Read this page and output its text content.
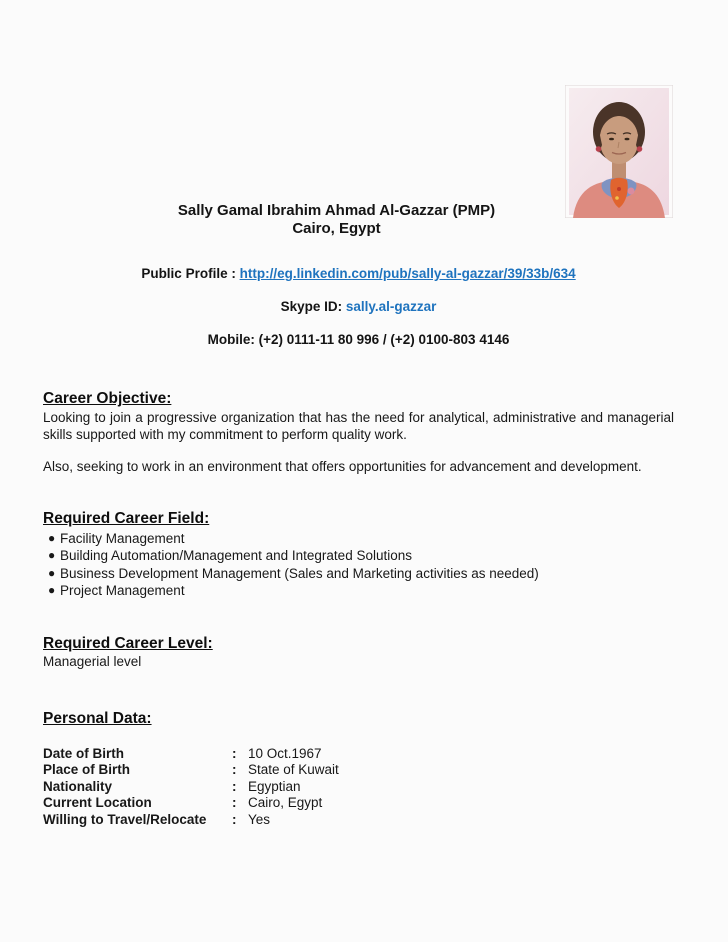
Sally Gamal Ibrahim Ahmad Al-Gazzar (PMP)
Cairo, Egypt
Public Profile : http://eg.linkedin.com/pub/sally-al-gazzar/39/33b/634
Skype ID: sally.al-gazzar
Mobile: (+2) 0111-11 80 996 / (+2) 0100-803 4146
Career Objective:

Looking to join a progressive organization that has the need for analytical, administrative and managerial skills supported with my commitment to perform quality work.

Also, seeking to work in an environment that offers opportunities for advancement and development.

Required Career Field:
● Facility Management
● Building Automation/Management and Integrated Solutions
● Business Development Management (Sales and Marketing activities as needed)
● Project Management
Required Career Level:
Managerial level
Personal Data:
Date of Birth	: 10 Oct.1967
Place of Birth	: State of Kuwait
Nationality	: Egyptian
Current Location	: Cairo, Egypt
Willing to Travel/Relocate	: Yes
